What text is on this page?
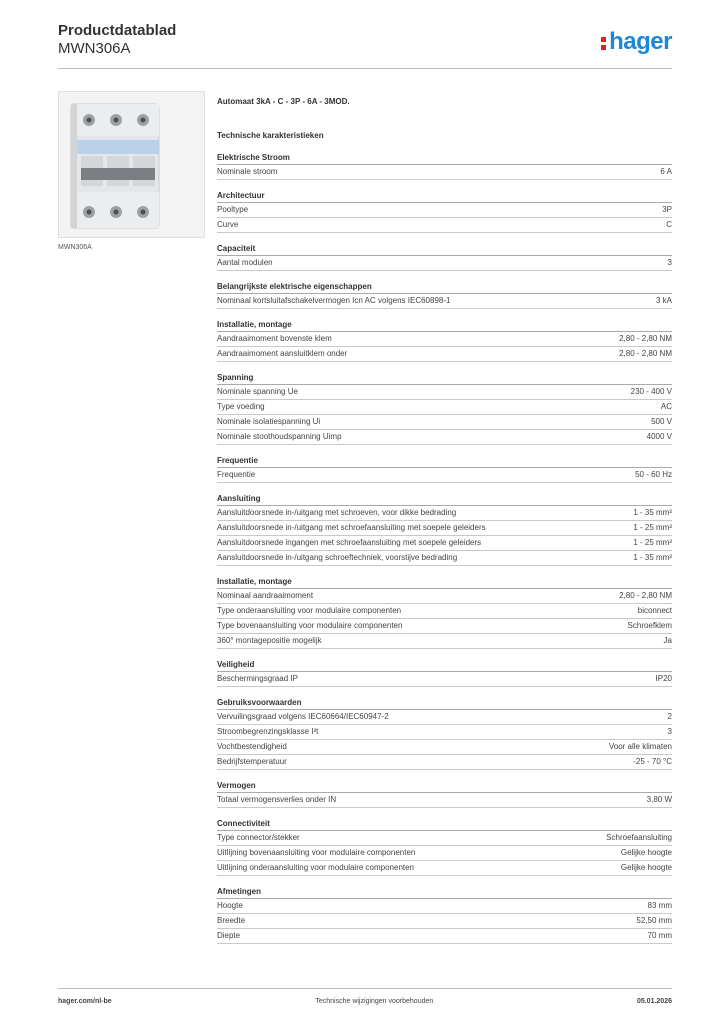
Productdatablad
MWN306A	hager
MWN306A
Automaat 3kA - C - 3P - 6A - 3MOD.
Technische karakteristieken
Elektrische Stroom
Nominale stroom	6 A
Architectuur
Pooltype	3P
Curve	C
Capaciteit
Aantal modulen	3
Belangrijkste elektrische eigenschappen
Nominaal kortsluitafschakelvermogen Icn AC volgens IEC60898-1	3 kA
Installatie, montage
Aandraaimoment bovenste klem	2,80 - 2,80 NM
Aandraaimoment aansluitklem onder	2,80 - 2,80 NM
Spanning
Nominale spanning Ue	230 - 400 V
Type voeding	AC
Nominale isolatiespanning Ui	500 V
Nominale stoothoudspanning Uimp	4000 V
Frequentie
Frequentie	50 - 60 Hz
Aansluiting
Aansluitdoorsnede in-/uitgang met schroeven, voor dikke bedrading	1 - 35 mm²
Aansluitdoorsnede in-/uitgang met schroefaansluiting met soepele geleiders	1 - 25 mm²
Aansluitdoorsnede ingangen met schroefaansluiting met soepele geleiders	1 - 25 mm²
Aansluitdoorsnede in-/uitgang schroeftechniek, voorstijve bedrading	1 - 35 mm²
Installatie, montage
Nominaal aandraaimoment	2,80 - 2,80 NM
Type onderaansluiting voor modulaire componenten	biconnect
Type bovenaansluiting voor modulaire componenten	Schroefklem
360° montagepositie mogelijk	Ja
Veiligheid
Beschermingsgraad IP	IP20
Gebruiksvoorwaarden
Vervuilingsgraad volgens IEC60664/IEC60947-2	2
Stroombegrenzingsklasse I²t	3
Vochtbestendigheid	Voor alle klimaten
Bedrijfstemperatuur	-25 - 70 °C
Vermogen
Totaal vermogensverlies onder IN	3,80 W
Connectiviteit
Type connector/stekker	Schroefaansluiting
Uitlijning bovenaansluiting voor modulaire componenten	Gelijke hoogte
Uitlijning onderaansluiting voor modulaire componenten	Gelijke hoogte
Afmetingen
Hoogte	83 mm
Breedte	52,50 mm
Diepte	70 mm
hager.com/nl-be	Technische wijzigingen voorbehouden	05.01.2026
